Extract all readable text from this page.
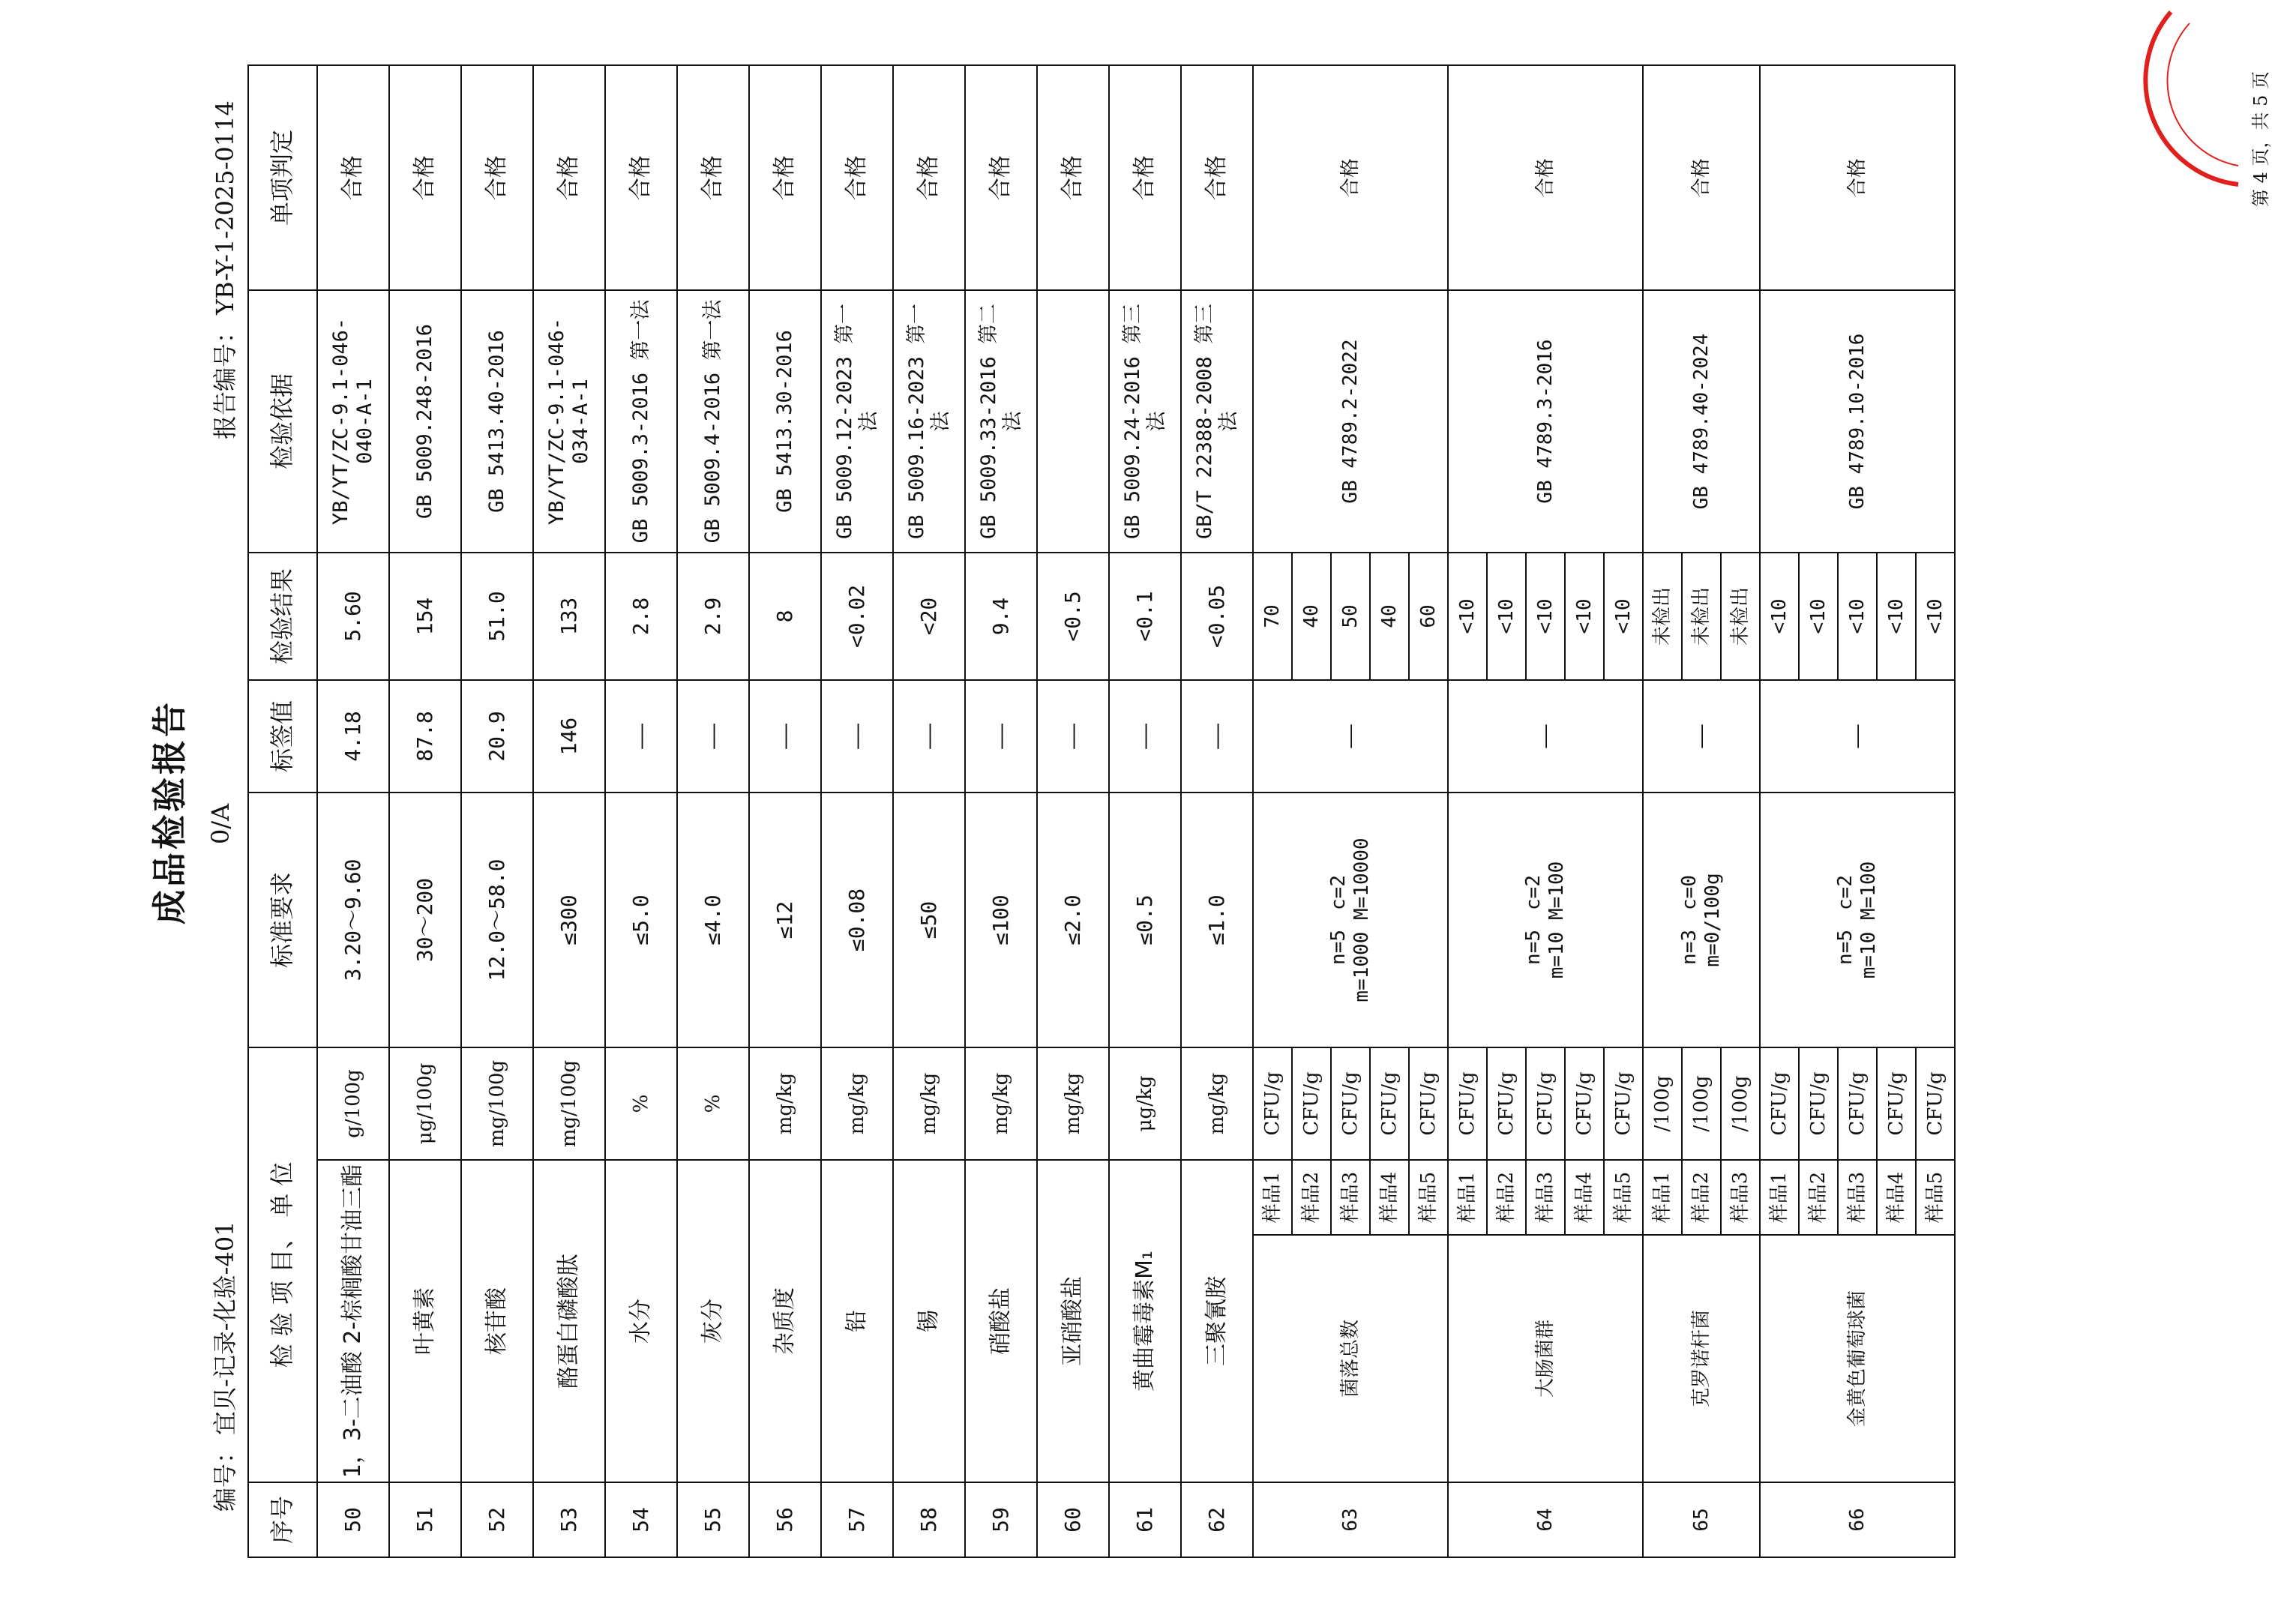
成品检验报告
编号：宜贝-记录-化验-401
0/A
报告编号：YB-Y-1-2025-0114
序号	检 验 项 目、 单 位			标准要求	标签值	检验结果	检验依据	单项判定
50	1，3-二油酸 2-棕榈酸甘油三酯		g/100g	3.20～9.60	4.18	5.60	YB/YT/ZC-9.1-046-040-A-1	合格
51	叶黄素		μg/100g	30～200	87.8	154	GB 5009.248-2016	合格
52	核苷酸		mg/100g	12.0～58.0	20.9	51.0	GB 5413.40-2016	合格
53	酪蛋白磷酸肽		mg/100g	≤300	146	133	YB/YT/ZC-9.1-046-034-A-1	合格
54	水分		%	≤5.0	——	2.8	GB 5009.3-2016 第一法	合格
55	灰分		%	≤4.0	——	2.9	GB 5009.4-2016 第一法	合格
56	杂质度		mg/kg	≤12	——	8	GB 5413.30-2016	合格
57	铅		mg/kg	≤0.08	——	<0.02	GB 5009.12-2023 第一法	合格
58	锡		mg/kg	≤50	——	<20	GB 5009.16-2023 第一法	合格
59	硝酸盐		mg/kg	≤100	——	9.4	GB 5009.33-2016 第二法	合格
60	亚硝酸盐		mg/kg	≤2.0	——	<0.5		合格
61	黄曲霉毒素M₁		μg/kg	≤0.5	——	<0.1	GB 5009.24-2016 第三法	合格
62	三聚氰胺		mg/kg	≤1.0	——	<0.05	GB/T 22388-2008 第三法	合格
63	菌落总数	样品1	CFU/g	n=5　c=2
m=1000 M=10000	——	70	GB 4789.2-2022	合格
		样品2	CFU/g			40		
		样品3	CFU/g			50		
		样品4	CFU/g			40		
		样品5	CFU/g			60		
64	大肠菌群	样品1	CFU/g	n=5　c=2
m=10 M=100	——	<10	GB 4789.3-2016	合格
		样品2	CFU/g			<10		
		样品3	CFU/g			<10		
		样品4	CFU/g			<10		
		样品5	CFU/g			<10		
65	克罗诺杆菌	样品1	/100g	n=3　c=0
m=0/100g	——	未检出	GB 4789.40-2024	合格
		样品2	/100g			未检出		
		样品3	/100g			未检出		
66	金黄色葡萄球菌	样品1	CFU/g	n=5　c=2
m=10 M=100	——	<10	GB 4789.10-2016	合格
		样品2	CFU/g			<10		
		样品3	CFU/g			<10		
		样品4	CFU/g			<10		
		样品5	CFU/g			<10		
第 4 页，共 5 页
